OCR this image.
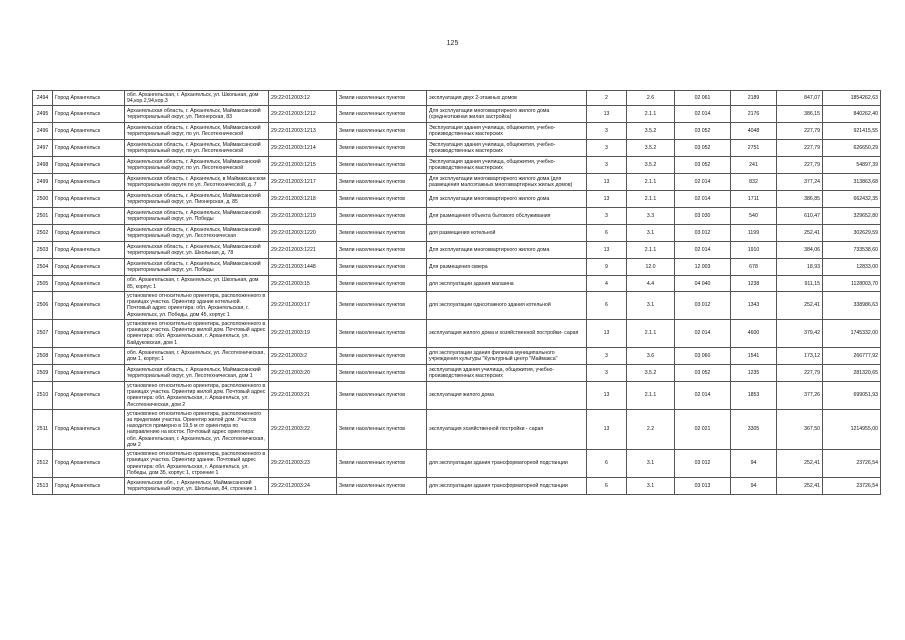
125
2494	Город Архангельск	обл. Архангельская, г. Архангельск, ул. Школьная, дом 94,кор.2,94,кор.3	29:22:012003:12	Земли населенных пунктов	эксплуатация двух 2-этажных домов	2	2.6	02 061	2189	847,07	1854262,63
2495	Город Архангельск	Архангельская область, г. Архангельск, Маймаксанский территориальный округ, ул. Пионерская, 83	29:22:012003:1212	Земли населенных пунктов	Для эксплуатации многоквартирного жилого дома (среднеэтажная жилая застройка)	13	2.1.1	02 014	2176	386,15	840262,40
2496	Город Архангельск	Архангельская область, г. Архангельск, Маймаксанский территориальный округ, по ул. Лесотехнической	29:22:012003:1213	Земли населенных пунктов	Эксплуатация здания училища, общежития, учебно- производственных мастерских	3	3.5.2	03 052	4048	227,79	921415,55
2497	Город Архангельск	Архангельская область, г. Архангельск, Маймаксанский территориальный округ, по ул. Лесотехнической	29:22:012003:1214	Земли населенных пунктов	Эксплуатация здания училища, общежития, учебно- производственных мастерских	3	3.5.2	03 052	2751	227,79	626650,29
2498	Город Архангельск	Архангельская область, г. Архангельск, Маймаксанский территориальный округ, по ул. Лесотехнической	29:22:012003:1215	Земли населенных пунктов	Эксплуатация здания училища, общежития, учебно- производственных мастерских	3	3.5.2	03 052	241	227,79	54897,39
2499	Город Архангельск	Архангельская область, г. Архангельск, в Маймаксанском территориальном округе по ул. Лесотехнической, д. 7	29:22:012003:1217	Земли населенных пунктов	Для эксплуатации многоквартирного жилого дома (для размещения малоэтажных многоквартирных жилых домов)	13	2.1.1	02 014	832	377,24	313863,68
2500	Город Архангельск	Архангельская область, г. Архангельск, Маймаксанский территориальный округ, ул. Пионерская, д. 85	29:22:012003:1218	Земли населенных пунктов	Для эксплуатации многоквартирного жилого дома	13	2.1.1	02 014	1711	386,85	662432,35
2501	Город Архангельск	Архангельская область, г. Архангельск, Маймаксанский территориальный округ, ул. Победы	29:22:012003:1219	Земли населенных пунктов	Для размещения объекта бытового обслуживания	3	3.3	03 030	540	610,47	329652,80
2502	Город Архангельск	Архангельская область, г. Архангельск, Маймаксанский территориальный округ, ул. Лесотехническая	29:22:012003:1220	Земли населенных пунктов	для размещения котельной	6	3.1	03 012	1199	252,41	302629,59
2503	Город Архангельск	Архангельская область, г. Архангельск, Маймаксанский территориальный округ, ул. Школьная, д. 78	29:22:012003:1221	Земли населенных пунктов	Для эксплуатации многоквартирного жилого дома	13	2.1.1	02 014	1910	384,06	733538,60
2504	Город Архангельск	Архангельская область, г. Архангельск, Маймаксанский территориальный округ, ул. Победы	29:22:012003:1448	Земли населенных пунктов	Для размещения сквера	9	12.0	12 003	678	18,93	12833,00
2505	Город Архангельск	обл. Архангельская, г. Архангельск, ул. Школьная, дом 85, корпус 1	29:22:012003:15	Земли населенных пунктов	для эксплуатации здания магазина	4	4.4	04 040	1238	911,15	1128003,70
2506	Город Архангельск	установлено относительно ориентира, расположенного в границах участка. Ориентир здание котельной. Почтовый адрес ориентира: обл. Архангельская, г. Архангельск, ул. Победы, дом 45, корпус 1	29:22:012003:17	Земли населенных пунктов	для эксплуатации одноэтажного здания котельной	6	3.1	03 012	1343	252,41	338986,63
2507	Город Архангельск	установлено относительно ориентира, расположенного в границах участка. Ориентир жилой дом. Почтовый адрес ориентира: обл. Архангельская, г. Архангельск, ул. Байдуковская, дом 1	29:22:012003:19	Земли населенных пунктов	эксплуатация жилого дома и хозяйственной постройки- сарая	13	2.1.1	02 014	4600	379,42	1745332,00
2508	Город Архангельск	обл. Архангельская, г. Архангельск, ул. Лесотехническая, дом 1, корпус 1	29:22:012003:2	Земли населенных пунктов	для эксплуатации здания филиала муниципального учреждения культуры "Культурный центр "Маймакса"	3	3.6	03 060	1541	173,12	266777,92
2509	Город Архангельск	Архангельская область, г. Архангельск, Маймаксанский территориальный округ, ул. Лесотехническая, дом 1	29:22:012003:20	Земли населенных пунктов	эксплуатация здания училища, общежития, учебно- производственных мастерских	3	3.5.2	03 052	1235	227,79	281320,65
2510	Город Архангельск	установлено относительно ориентира, расположенного в границах участка. Ориентир жилой дом. Почтовый адрес ориентира: обл. Архангельская, г. Архангельск, ул. Лесотехническая, дом 2	29:22:012003:21	Земли населенных пунктов	эксплуатация жилого дома	13	2.1.1	02 014	1853	377,26	699051,93
2511	Город Архангельск	установлено относительно ориентира, расположенного за пределами участка. Ориентир жилой дом. Участок находится примерно в 19,5 м от ориентира по направлению на восток. Почтовый адрес ориентира: обл. Архангельская, г. Архангельск, ул. Лесотехническая, дом 2	29:22:012003:22	Земли населенных пунктов	эксплуатация хозяйственной постройки - сарая	13	2.2	02 021	3305	367,50	1214955,00
2512	Город Архангельск	установлено относительно ориентира, расположенного в границах участка. Ориентир здание. Почтовый адрес ориентира: обл. Архангельская, г. Архангельск, ул. Победы, дом 35, корпус 1, строение 1	29:22:012003:23	Земли населенных пунктов	для эксплуатации здания трансформаторной подстанции	6	3.1	03 012	94	252,41	23726,54
2513	Город Архангельск	Архангельская обл., г. Архангельск, Маймаксанский территориальный округ, ул. Школьная, 84, строение 1	29:22:012003:24	Земли населенных пунктов	для эксплуатации здания трансформаторной подстанции	6	3.1	03 013	94	252,41	23726,54
